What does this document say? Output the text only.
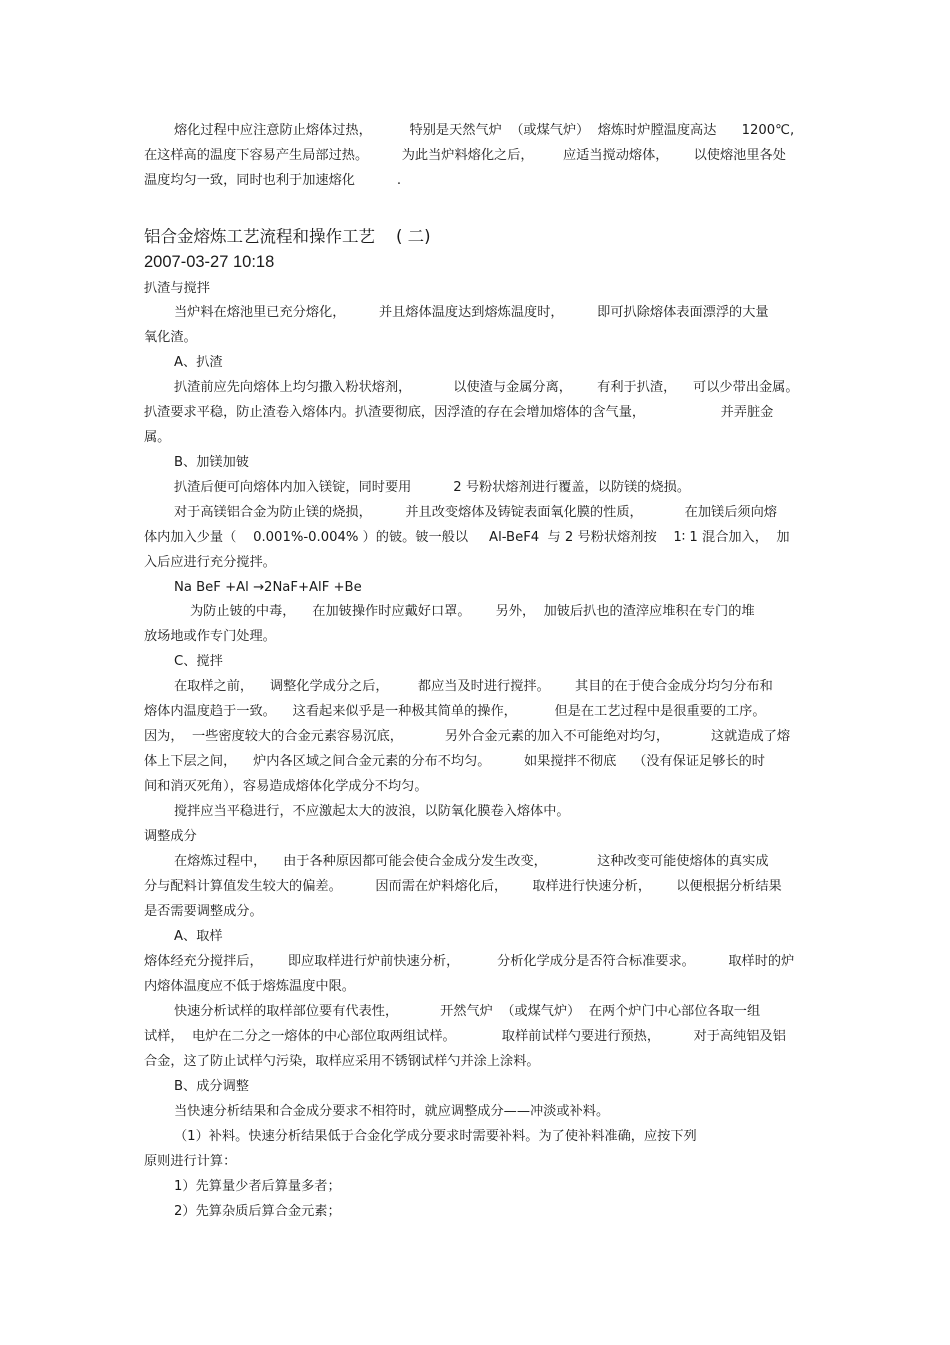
熔化过程中应注意防止熔体过热，         特别是天然气炉  （或煤气炉）  熔炼时炉膛温度高达      1200℃,

在这样高的温度下容易产生局部过热。        为此当炉料熔化之后，       应适当搅动熔体，      以使熔池里各处

温度均匀一致，同时也利于加速熔化          .

铝合金熔炼工艺流程和操作工艺    ( 二)

2007-03-27 10:18

扒渣与搅拌

当炉料在熔池里已充分熔化，        并且熔体温度达到熔炼温度时，        即可扒除熔体表面漂浮的大量

氧化渣。

A、扒渣

扒渣前应先向熔体上均匀撒入粉状熔剂，          以使渣与金属分离，      有利于扒渣，    可以少带出金属。

扒渣要求平稳，防止渣卷入熔体内。扒渣要彻底，因浮渣的存在会增加熔体的含气量，                  并弄脏金

属。

B、加镁加铍

扒渣后便可向熔体内加入镁锭，同时要用          2 号粉状熔剂进行覆盖，以防镁的烧损。

对于高镁铝合金为防止镁的烧损，        并且改变熔体及铸锭表面氧化膜的性质，          在加镁后须向熔

体内加入少量（    0.001%-0.004% ）的铍。铍一般以     Al-BeF4  与 2 号粉状熔剂按    1∶ 1 混合加入，  加

入后应进行充分搅拌。

Na BeF +Al →2NaF+AlF +Be

为防止铍的中毒，    在加铍操作时应戴好口罩。      另外，  加铍后扒也的渣滓应堆积在专门的堆

放场地或作专门处理。

C、搅拌

在取样之前，    调整化学成分之后，       都应当及时进行搅拌。      其目的在于使合金成分均匀分布和

熔体内温度趋于一致。    这看起来似乎是一种极其简单的操作，         但是在工艺过程中是很重要的工序。

因为，  一些密度较大的合金元素容易沉底，          另外合金元素的加入不可能绝对均匀，          这就造成了熔

体上下层之间，    炉内各区域之间合金元素的分布不均匀。        如果搅拌不彻底    （没有保证足够长的时

间和消灭死角），容易造成熔体化学成分不均匀。

搅拌应当平稳进行，不应激起太大的波浪，以防氧化膜卷入熔体中。

调整成分

在熔炼过程中，    由于各种原因都可能会使合金成分发生改变，            这种改变可能使熔体的真实成

分与配料计算值发生较大的偏差。        因而需在炉料熔化后，      取样进行快速分析，      以便根据分析结果

是否需要调整成分。

A、取样

熔体经充分搅拌后，      即应取样进行炉前快速分析，         分析化学成分是否符合标准要求。        取样时的炉

内熔体温度应不低于熔炼温度中限。

快速分析试样的取样部位要有代表性，          开然气炉  （或煤气炉）  在两个炉门中心部位各取一组

试样，  电炉在二分之一熔体的中心部位取两组试样。           取样前试样勺要进行预热，        对于高纯铝及铝

合金，这了防止试样勺污染，取样应采用不锈钢试样勺并涂上涂料。

B、成分调整

当快速分析结果和合金成分要求不相符时，就应调整成分——冲淡或补料。

（1）补料。快速分析结果低于合金化学成分要求时需要补料。为了使补料准确，应按下列

原则进行计算：

1）先算量少者后算量多者；

2）先算杂质后算合金元素；
